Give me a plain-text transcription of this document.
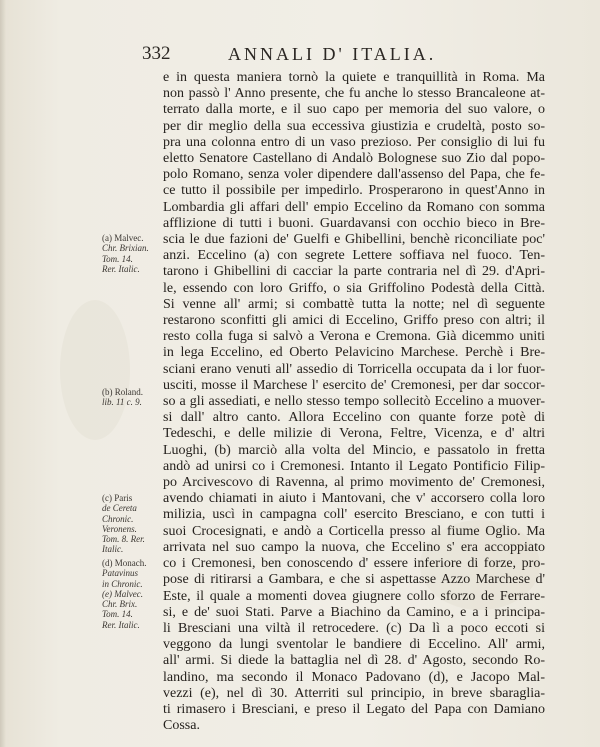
332	ANNALI D' ITALIA.
e in questa maniera tornò la quiete e tranquillità in Roma. Ma
non passò l' Anno presente, che fu anche lo stesso Brancaleone at-
terrato dalla morte, e il suo capo per memoria del suo valore, o
per dir meglio della sua eccessiva giustizia e crudeltà, posto so-
pra una colonna entro di un vaso prezioso. Per consiglio di lui fu
eletto Senatore Castellano di Andalò Bolognese suo Zio dal popo-
polo Romano, senza voler dipendere dall'assenso del Papa, che fe-
ce tutto il possibile per impedirlo. Prosperarono in quest'Anno in
Lombardia gli affari dell' empio Eccelino da Romano con somma
afflizione di tutti i buoni. Guardavansi con occhio bieco in Bre-
scia le due fazioni de' Guelfi e Ghibellini, benchè riconciliate poc'
anzi. Eccelino (a) con segrete Lettere soffiava nel fuoco. Ten-
tarono i Ghibellini di cacciar la parte contraria nel dì 29. d'Apri-
le, essendo con loro Griffo, o sia Griffolino Podestà della Città.
Si venne all' armi; si combattè tutta la notte; nel dì seguente
restarono sconfitti gli amici di Eccelino, Griffo preso con altri; il
resto colla fuga si salvò a Verona e Cremona. Già dicemmo uniti
in lega Eccelino, ed Oberto Pelavicino Marchese. Perchè i Bre-
sciani erano venuti all' assedio di Torricella occupata da i lor fuor-
usciti, mosse il Marchese l' esercito de' Cremonesi, per dar soccor-
so a gli assediati, e nello stesso tempo sollecitò Eccelino a muover-
si dall' altro canto. Allora Eccelino con quante forze potè di
Tedeschi, e delle milizie di Verona, Feltre, Vicenza, e d' altri
Luoghi, (b) marciò alla volta del Mincio, e passatolo in fretta
andò ad unirsi co i Cremonesi. Intanto il Legato Pontificio Filip-
po Arcivescovo di Ravenna, al primo movimento de' Cremonesi,
avendo chiamati in aiuto i Mantovani, che v' accorsero colla loro
milizia, uscì in campagna coll' esercito Bresciano, e con tutti i
suoi Crocesignati, e andò a Corticella presso al fiume Oglio. Ma
arrivata nel suo campo la nuova, che Eccelino s' era accoppiato
co i Cremonesi, ben conoscendo d' essere inferiore di forze, pro-
pose di ritirarsi a Gambara, e che si aspettasse Azzo Marchese d'
Este, il quale a momenti dovea giugnere collo sforzo de Ferrare-
si, e de' suoi Stati. Parve a Biachino da Camino, e a i principa-
li Bresciani una viltà il retrocedere. (c) Da lì a poco eccoti si
veggono da lungi sventolar le bandiere di Eccelino. All' armi,
all' armi. Si diede la battaglia nel dì 28. d' Agosto, secondo Ro-
landino, ma secondo il Monaco Padovano (d), e Jacopo Mal-
vezzi (e), nel dì 30. Atterriti sul principio, in breve sbaraglia-
ti rimasero i Bresciani, e preso il Legato del Papa con Damiano
Cossa.
(a) Malvec.
Chr. Brixian.
Tom. 14.
Rer. Italic.
(b) Roland.
lib. 11 c. 9.
(c) Paris
de Cereta
Chronic.
Veronens.
Tom. 8. Rer.
Italic.
(d) Monach.
Patavinus
in Chronic.
(e) Malvec.
Chr. Brix.
Tom. 14.
Rer. Italic.
